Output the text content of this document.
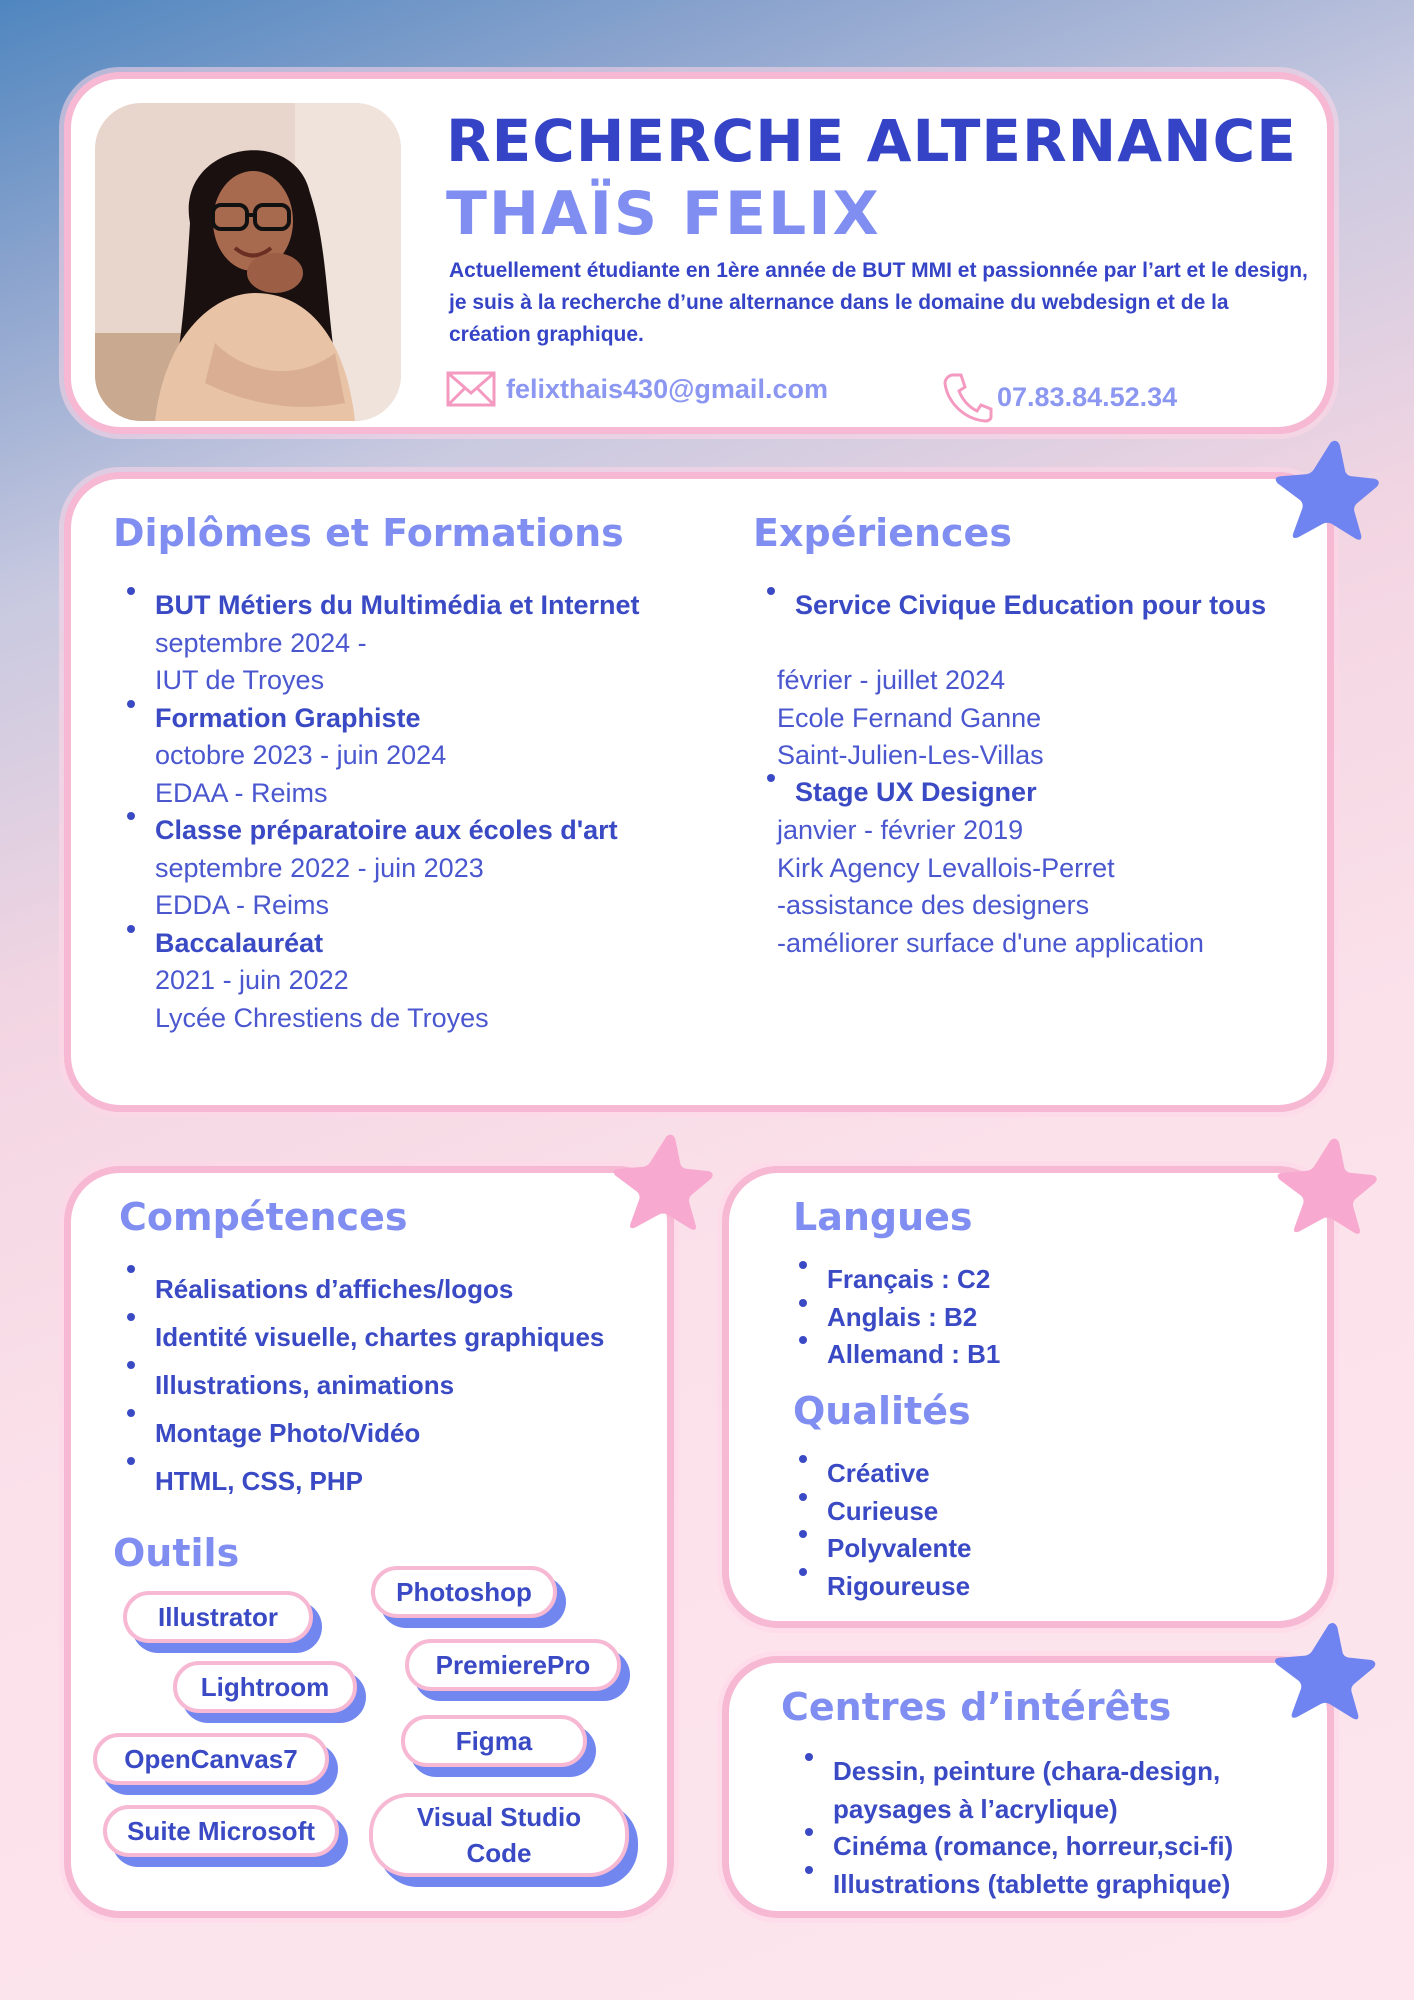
RECHERCHE ALTERNANCE
THAÏS FELIX
Actuellement étudiante en 1ère année de BUT MMI et passionnée par l’art et le design, je suis à la recherche d’une alternance dans le domaine du webdesign et de la création graphique.
felixthais430@gmail.com	07.83.84.52.34
Diplômes et Formations
BUT Métiers du Multimédia et Internet
septembre 2024 -
IUT de Troyes
Formation Graphiste
octobre 2023 - juin 2024
EDAA - Reims
Classe préparatoire aux écoles d'art
septembre 2022 - juin 2023
EDDA - Reims
Baccalauréat
2021 - juin 2022
Lycée Chrestiens de Troyes
Expériences
Service Civique Education pour tous
février - juillet 2024
Ecole Fernand Ganne
Saint-Julien-Les-Villas
Stage UX Designer
janvier - février 2019
Kirk Agency Levallois-Perret
-assistance des designers
-améliorer surface d'une application
Compétences
Réalisations d’affiches/logos
Identité visuelle, chartes graphiques
Illustrations, animations
Montage Photo/Vidéo
HTML, CSS, PHP
Outils
Illustrator
Photoshop
Lightroom
PremierePro
OpenCanvas7
Figma
Suite Microsoft	Visual Studio Code
Langues
Français : C2
Anglais : B2
Allemand : B1
Qualités
Créative
Curieuse
Polyvalente
Rigoureuse
Centres d’intérêts
Dessin, peinture (chara-design, paysages à l’acrylique)
Cinéma (romance, horreur,sci-fi)
Illustrations (tablette graphique)
